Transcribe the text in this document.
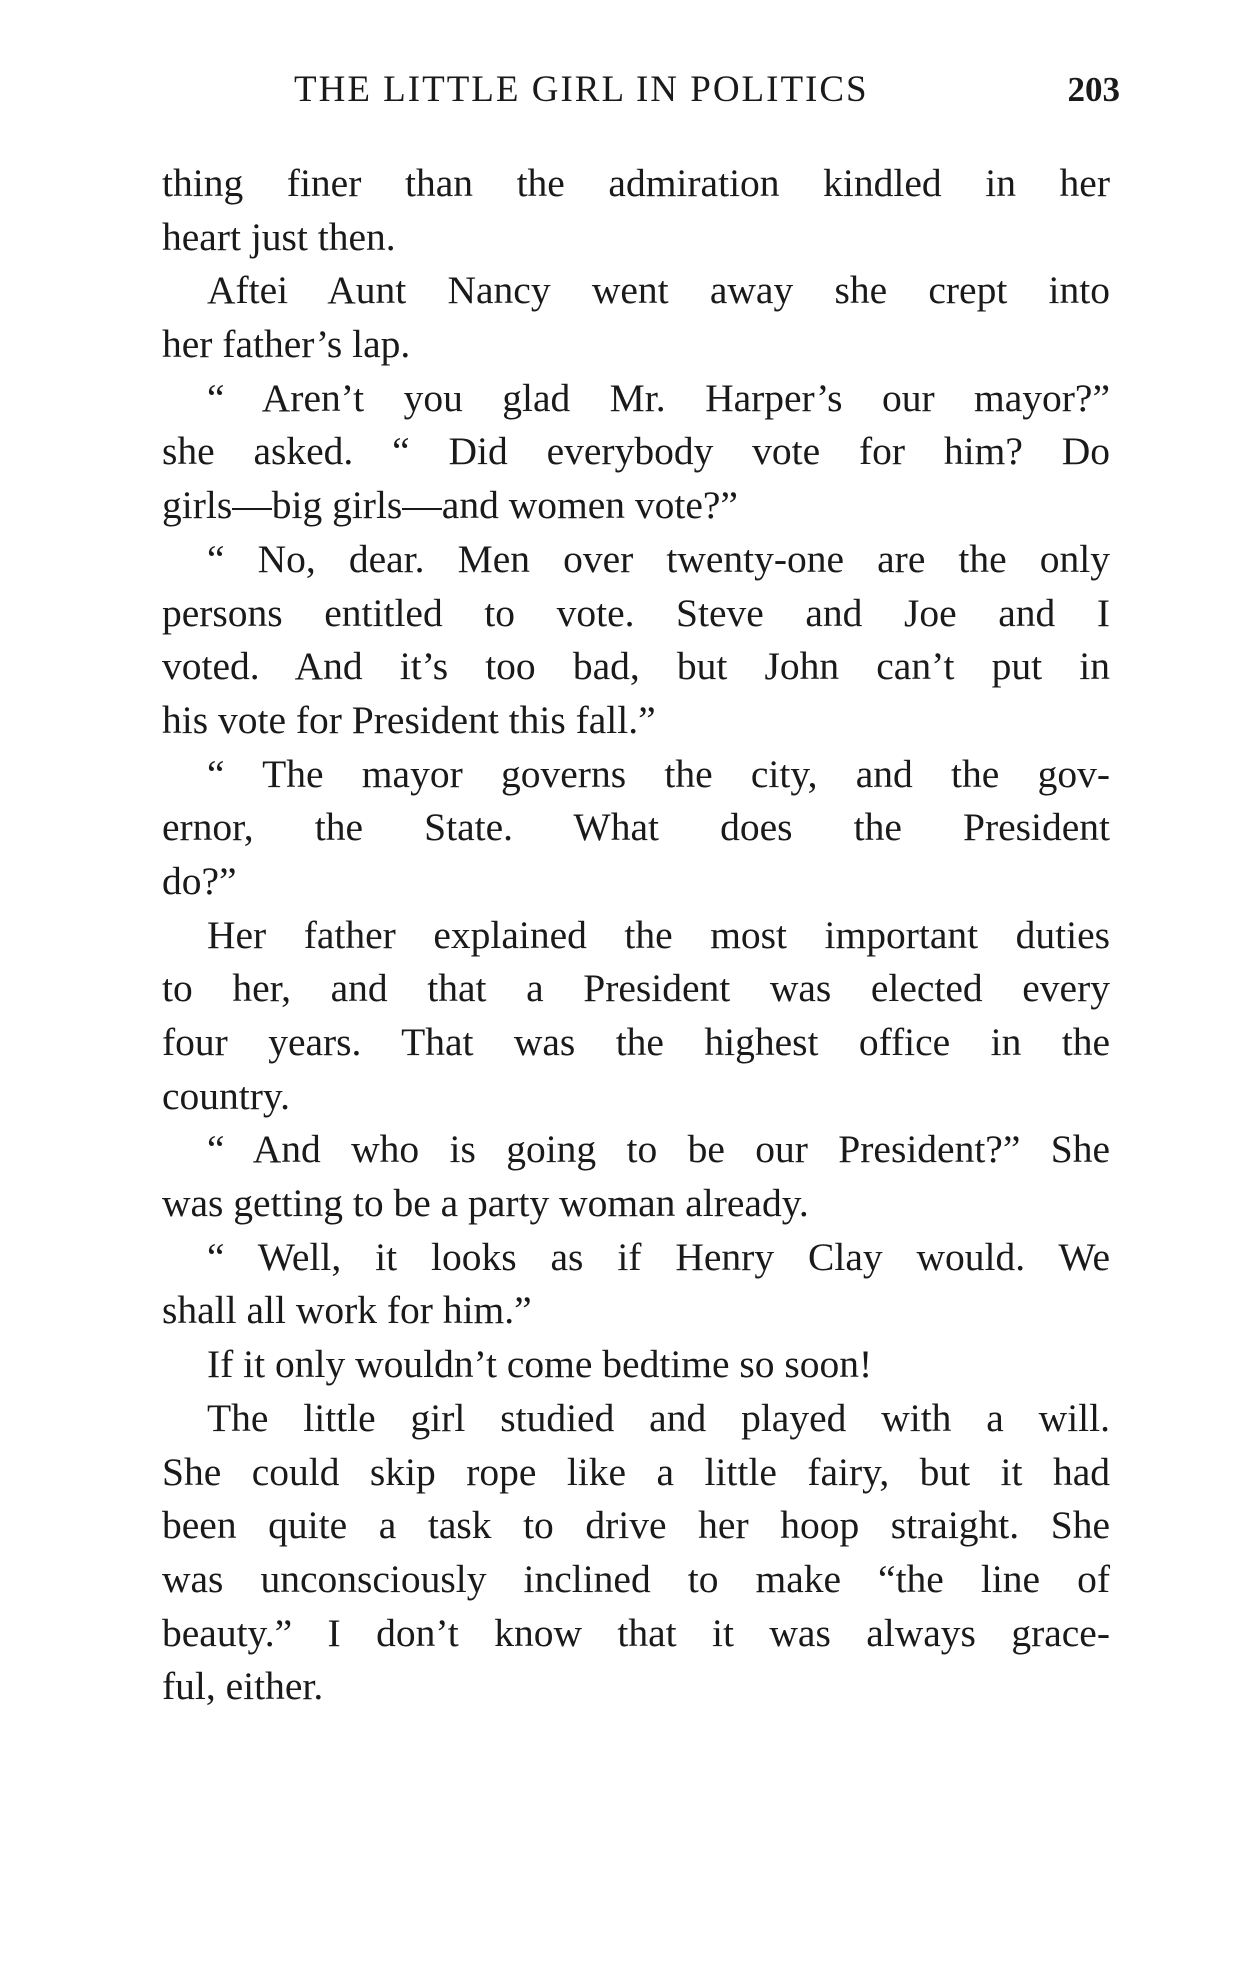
THE LITTLE GIRL IN POLITICS	203
thing finer than the admiration kindled in her
heart just then.
Aftei Aunt Nancy went away she crept into
her father’s lap.
“ Aren’t you glad Mr. Harper’s our mayor?”
she asked. “ Did everybody vote for him? Do
girls—big girls—and women vote?”
“ No, dear. Men over twenty-one are the only
persons entitled to vote. Steve and Joe and I
voted. And it’s too bad, but John can’t put in
his vote for President this fall.”
“ The mayor governs the city, and the gov-
ernor, the State. What does the President
do?”
Her father explained the most important duties
to her, and that a President was elected every
four years. That was the highest office in the
country.
“ And who is going to be our President?” She
was getting to be a party woman already.
“ Well, it looks as if Henry Clay would. We
shall all work for him.”
If it only wouldn’t come bedtime so soon!
The little girl studied and played with a will.
She could skip rope like a little fairy, but it had
been quite a task to drive her hoop straight. She
was unconsciously inclined to make “the line of
beauty.” I don’t know that it was always grace-
ful, either.
